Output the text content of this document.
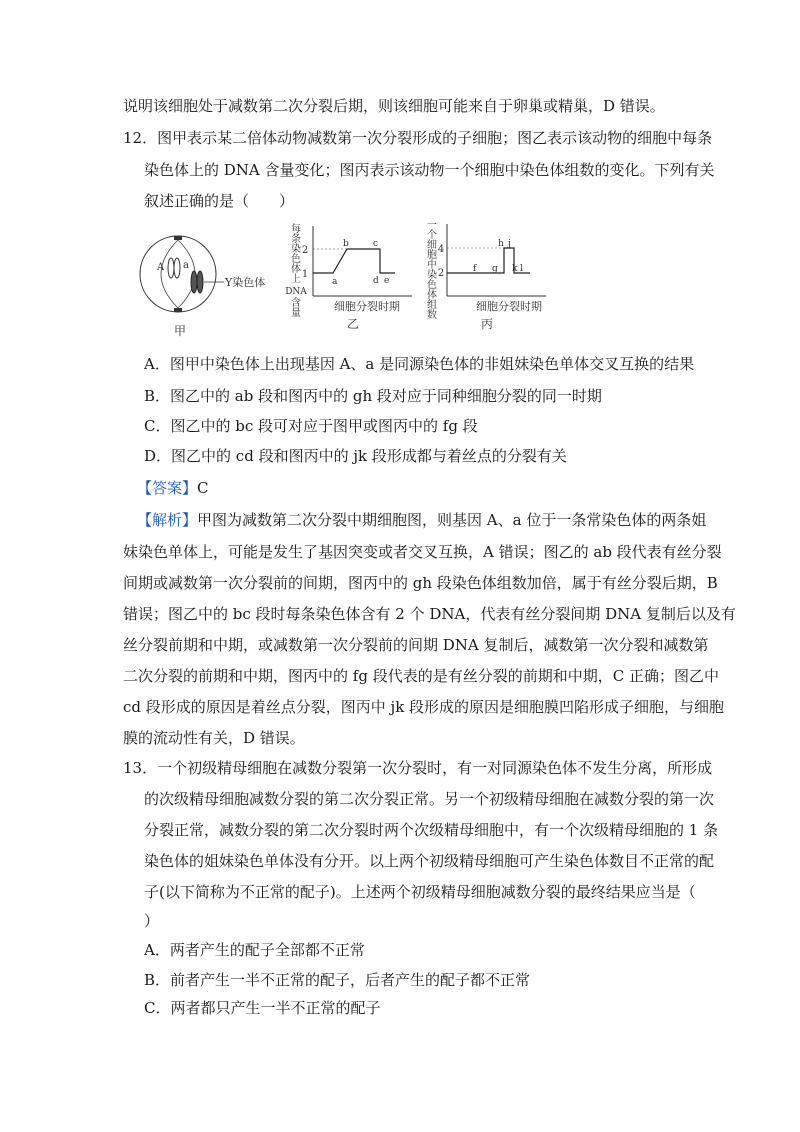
说明该细胞处于减数第二次分裂后期，则该细胞可能来自于卵巢或精巢，D 错误。
12．图甲表示某二倍体动物减数第一次分裂形成的子细胞；图乙表示该动物的细胞中每条
染色体上的 DNA 含量变化；图丙表示该动物一个细胞中染色体组数的变化。下列有关
叙述正确的是（　　）
A a
Y染色体
甲
每
条
染
色
体
上
DNA
含
量
2
1
a
b	c
d e
细胞分裂时期
乙
一
个
细
胞
中
染
色
体
组
数
4
2	f g
h j
k l
细胞分裂时期
丙
A．图甲中染色体上出现基因 A、a 是同源染色体的非姐妹染色单体交叉互换的结果
B．图乙中的 ab 段和图丙中的 gh 段对应于同种细胞分裂的同一时期
C．图乙中的 bc 段可对应于图甲或图丙中的 fg 段
D．图乙中的 cd 段和图丙中的 jk 段形成都与着丝点的分裂有关
【答案】C
【解析】甲图为减数第二次分裂中期细胞图，则基因 A、a 位于一条常染色体的两条姐
妹染色单体上，可能是发生了基因突变或者交叉互换，A 错误；图乙的 ab 段代表有丝分裂
间期或减数第一次分裂前的间期，图丙中的 gh 段染色体组数加倍，属于有丝分裂后期，B
错误；图乙中的 bc 段时每条染色体含有 2 个 DNA，代表有丝分裂间期 DNA 复制后以及有
丝分裂前期和中期，或减数第一次分裂前的间期 DNA 复制后，减数第一次分裂和减数第
二次分裂的前期和中期，图丙中的 fg 段代表的是有丝分裂的前期和中期，C 正确；图乙中
cd 段形成的原因是着丝点分裂，图丙中 jk 段形成的原因是细胞膜凹陷形成子细胞，与细胞
膜的流动性有关，D 错误。
13．一个初级精母细胞在减数分裂第一次分裂时，有一对同源染色体不发生分离，所形成
的次级精母细胞减数分裂的第二次分裂正常。另一个初级精母细胞在减数分裂的第一次
分裂正常，减数分裂的第二次分裂时两个次级精母细胞中，有一个次级精母细胞的 1 条
染色体的姐妹染色单体没有分开。以上两个初级精母细胞可产生染色体数目不正常的配
子(以下简称为不正常的配子)。上述两个初级精母细胞减数分裂的最终结果应当是（
）
A．两者产生的配子全部都不正常
B．前者产生一半不正常的配子，后者产生的配子都不正常
C．两者都只产生一半不正常的配子
